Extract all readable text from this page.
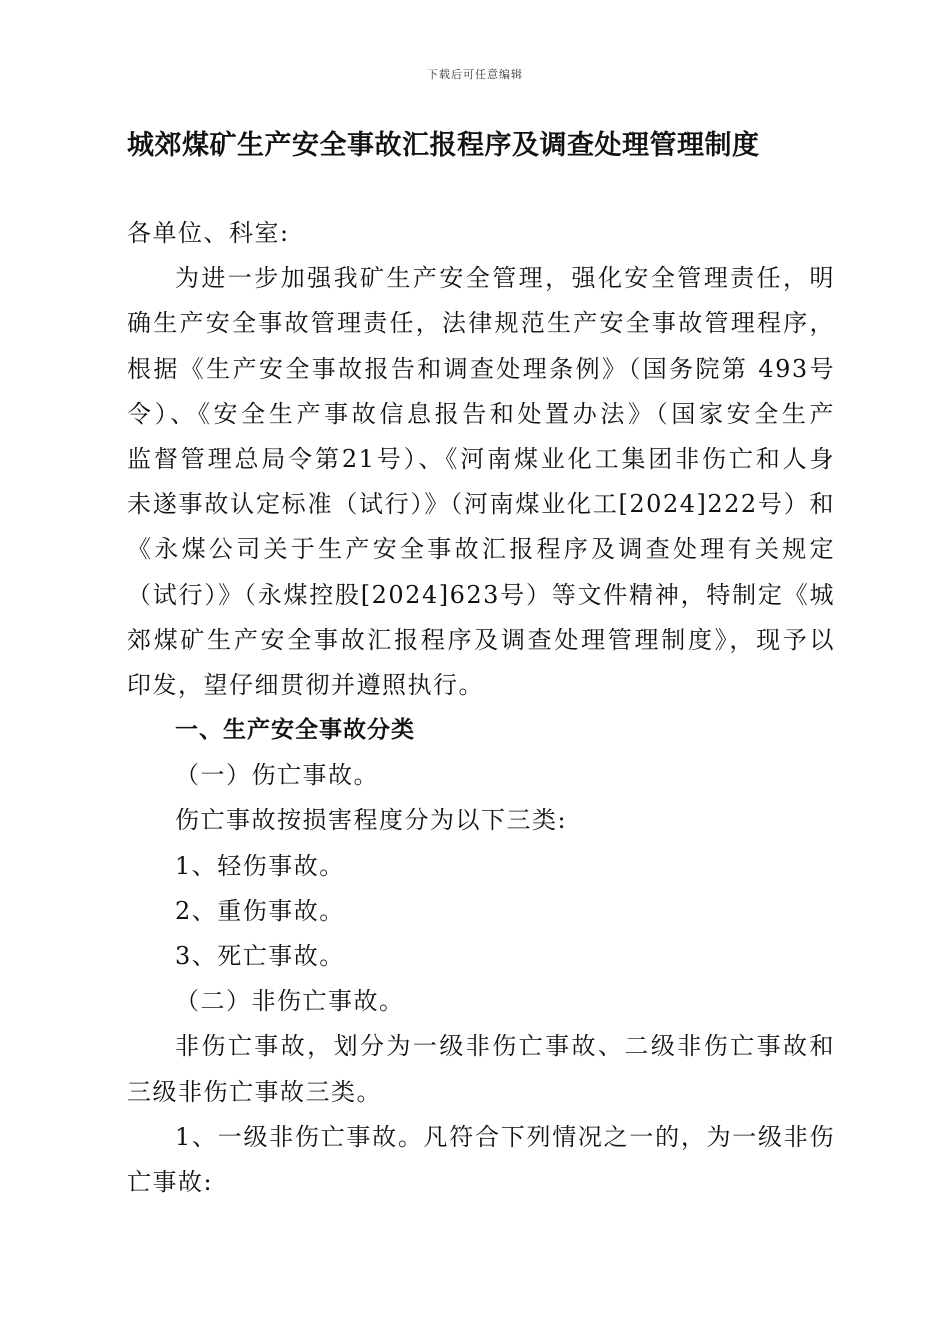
下载后可任意编辑
城郊煤矿生产安全事故汇报程序及调查处理管理制度
各单位、科室:
为进一步加强我矿生产安全管理，强化安全管理责任，明
确生产安全事故管理责任，法律规范生产安全事故管理程序，
根据《生产安全事故报告和调查处理条例》（国务院第 493号
令）、《安全生产事故信息报告和处置办法》（国家安全生产
监督管理总局令第21号）、《河南煤业化工集团非伤亡和人身
未遂事故认定标准（试行）》（河南煤业化工[2024]222号）和
《永煤公司关于生产安全事故汇报程序及调查处理有关规定
（试行）》（永煤控股[2024]623号）等文件精神，特制定《城
郊煤矿生产安全事故汇报程序及调查处理管理制度》，现予以
印发，望仔细贯彻并遵照执行。
一、生产安全事故分类
（一）伤亡事故。
伤亡事故按损害程度分为以下三类:
1、轻伤事故。
2、重伤事故。
3、死亡事故。
（二）非伤亡事故。
非伤亡事故，划分为一级非伤亡事故、二级非伤亡事故和
三级非伤亡事故三类。
1、一级非伤亡事故。凡符合下列情况之一的，为一级非伤
亡事故:
